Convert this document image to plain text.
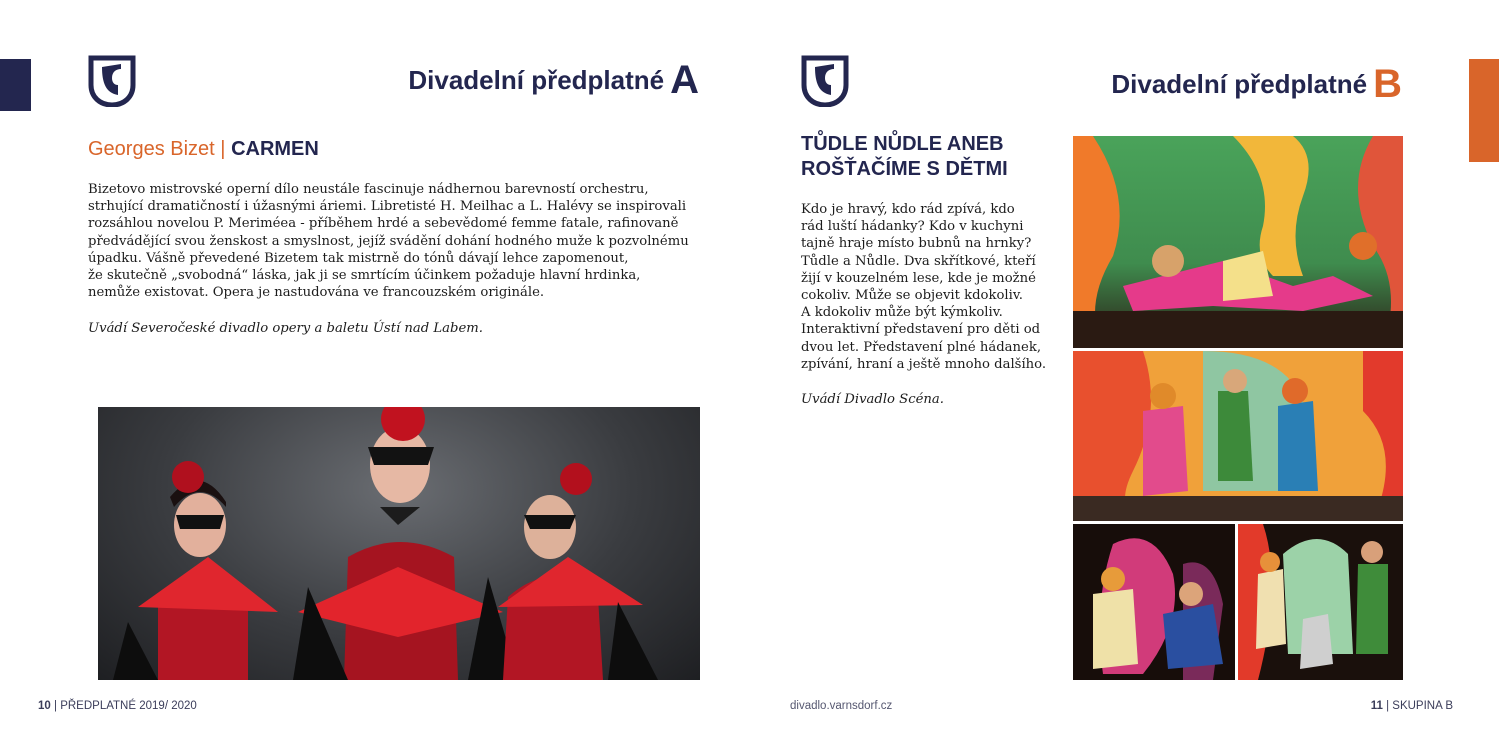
Divadelní předplatné A
Georges Bizet | CARMEN

Bizetovo mistrovské operní dílo neustále fascinuje nádhernou barevností orchestru,

strhující dramatičností i úžasnými áriemi. Libretisté H. Meilhac a L. Halévy se inspirovali

rozsáhlou novelou P. Meriméea - příběhem hrdé a sebevědomé femme fatale, rafinovaně

předvádějící svou ženskost a smyslnost, jejíž svádění dohání hodného muže k pozvolnému

úpadku. Vášně převedené Bizetem tak mistrně do tónů dávají lehce zapomenout,

že skutečně „svobodná“ láska, jak ji se smrtícím účinkem požaduje hlavní hrdinka,

nemůže existovat. Opera je nastudována ve francouzském originále.

Uvádí Severočeské divadlo opery a baletu Ústí nad Labem.
Divadelní předplatné B
TŮDLE NŮDLE ANEB
ROŠŤAČÍME S DĚTMI

Kdo je hravý, kdo rád zpívá, kdo

rád luští hádanky? Kdo v kuchyni

tajně hraje místo bubnů na hrnky?

Tůdle a Nůdle. Dva skřítkové, kteří

žijí v kouzelném lese, kde je možné

cokoliv. Může se objevit kdokoliv.

A kdokoliv může být kýmkoliv.

Interaktivní představení pro děti od

dvou let. Představení plné hádanek,

zpívání, hraní a ještě mnoho dalšího.

Uvádí Divadlo Scéna.
10 | PŘEDPLATNÉ 2019/ 2020	divadlo.varnsdorf.cz	11 | SKUPINA B
